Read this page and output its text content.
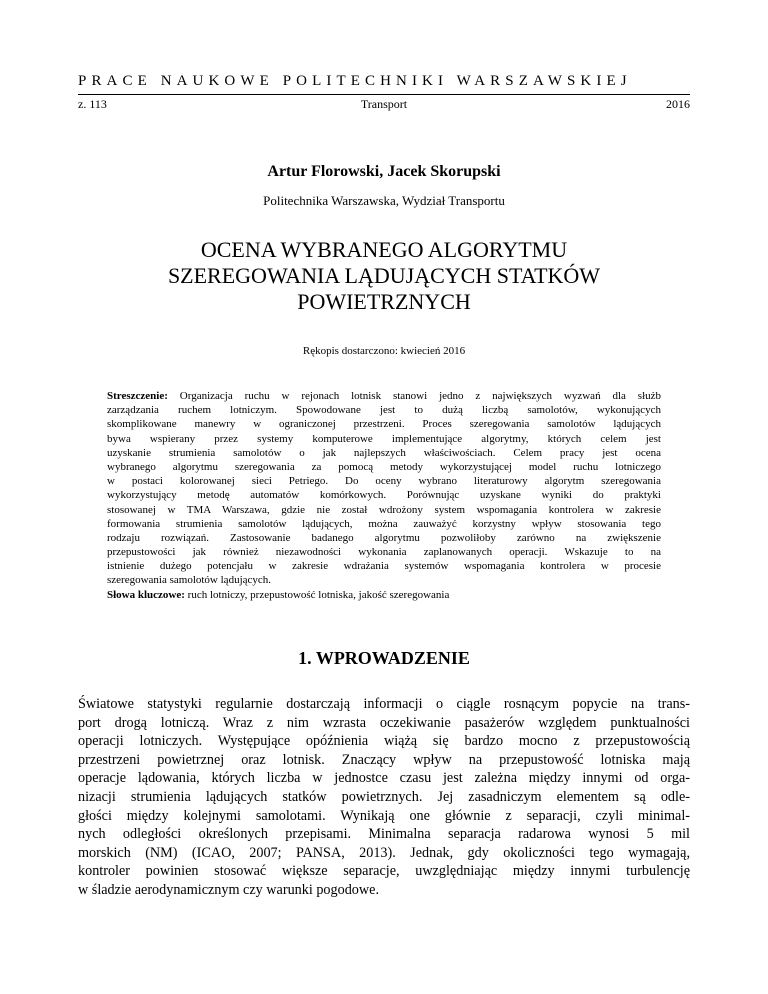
PRACE NAUKOWE POLITECHNIKI WARSZAWSKIEJ
z. 113	Transport	2016
Artur Florowski, Jacek Skorupski
Politechnika Warszawska, Wydział Transportu
OCENA WYBRANEGO ALGORYTMU
SZEREGOWANIA LĄDUJĄCYCH STATKÓW
POWIETRZNYCH
Rękopis dostarczono: kwiecień 2016
Streszczenie: Organizacja ruchu w rejonach lotnisk stanowi jedno z największych wyzwań dla służb
zarządzania ruchem lotniczym. Spowodowane jest to dużą liczbą samolotów, wykonujących
skomplikowane manewry w ograniczonej przestrzeni. Proces szeregowania samolotów lądujących
bywa wspierany przez systemy komputerowe implementujące algorytmy, których celem jest
uzyskanie strumienia samolotów o jak najlepszych właściwościach. Celem pracy jest ocena
wybranego algorytmu szeregowania za pomocą metody wykorzystującej model ruchu lotniczego
w postaci kolorowanej sieci Petriego. Do oceny wybrano literaturowy algorytm szeregowania
wykorzystujący metodę automatów komórkowych. Porównując uzyskane wyniki do praktyki
stosowanej w TMA Warszawa, gdzie nie został wdrożony system wspomagania kontrolera w zakresie
formowania strumienia samolotów lądujących, można zauważyć korzystny wpływ stosowania tego
rodzaju rozwiązań. Zastosowanie badanego algorytmu pozwoliłoby zarówno na zwiększenie
przepustowości jak również niezawodności wykonania zaplanowanych operacji. Wskazuje to na
istnienie dużego potencjału w zakresie wdrażania systemów wspomagania kontrolera w procesie
szeregowania samolotów lądujących.
Słowa kluczowe: ruch lotniczy, przepustowość lotniska, jakość szeregowania
1. WPROWADZENIE
Światowe statystyki regularnie dostarczają informacji o ciągle rosnącym popycie na trans-
port drogą lotniczą. Wraz z nim wzrasta oczekiwanie pasażerów względem punktualności
operacji lotniczych. Występujące opóźnienia wiążą się bardzo mocno z przepustowością
przestrzeni powietrznej oraz lotnisk. Znaczący wpływ na przepustowość lotniska mają
operacje lądowania, których liczba w jednostce czasu jest zależna między innymi od orga-
nizacji strumienia lądujących statków powietrznych. Jej zasadniczym elementem są odle-
głości między kolejnymi samolotami. Wynikają one głównie z separacji, czyli minimal-
nych odległości określonych przepisami. Minimalna separacja radarowa wynosi 5 mil
morskich (NM) (ICAO, 2007; PANSA, 2013). Jednak, gdy okoliczności tego wymagają,
kontroler powinien stosować większe separacje, uwzględniając między innymi turbulencję
w śladzie aerodynamicznym czy warunki pogodowe.
